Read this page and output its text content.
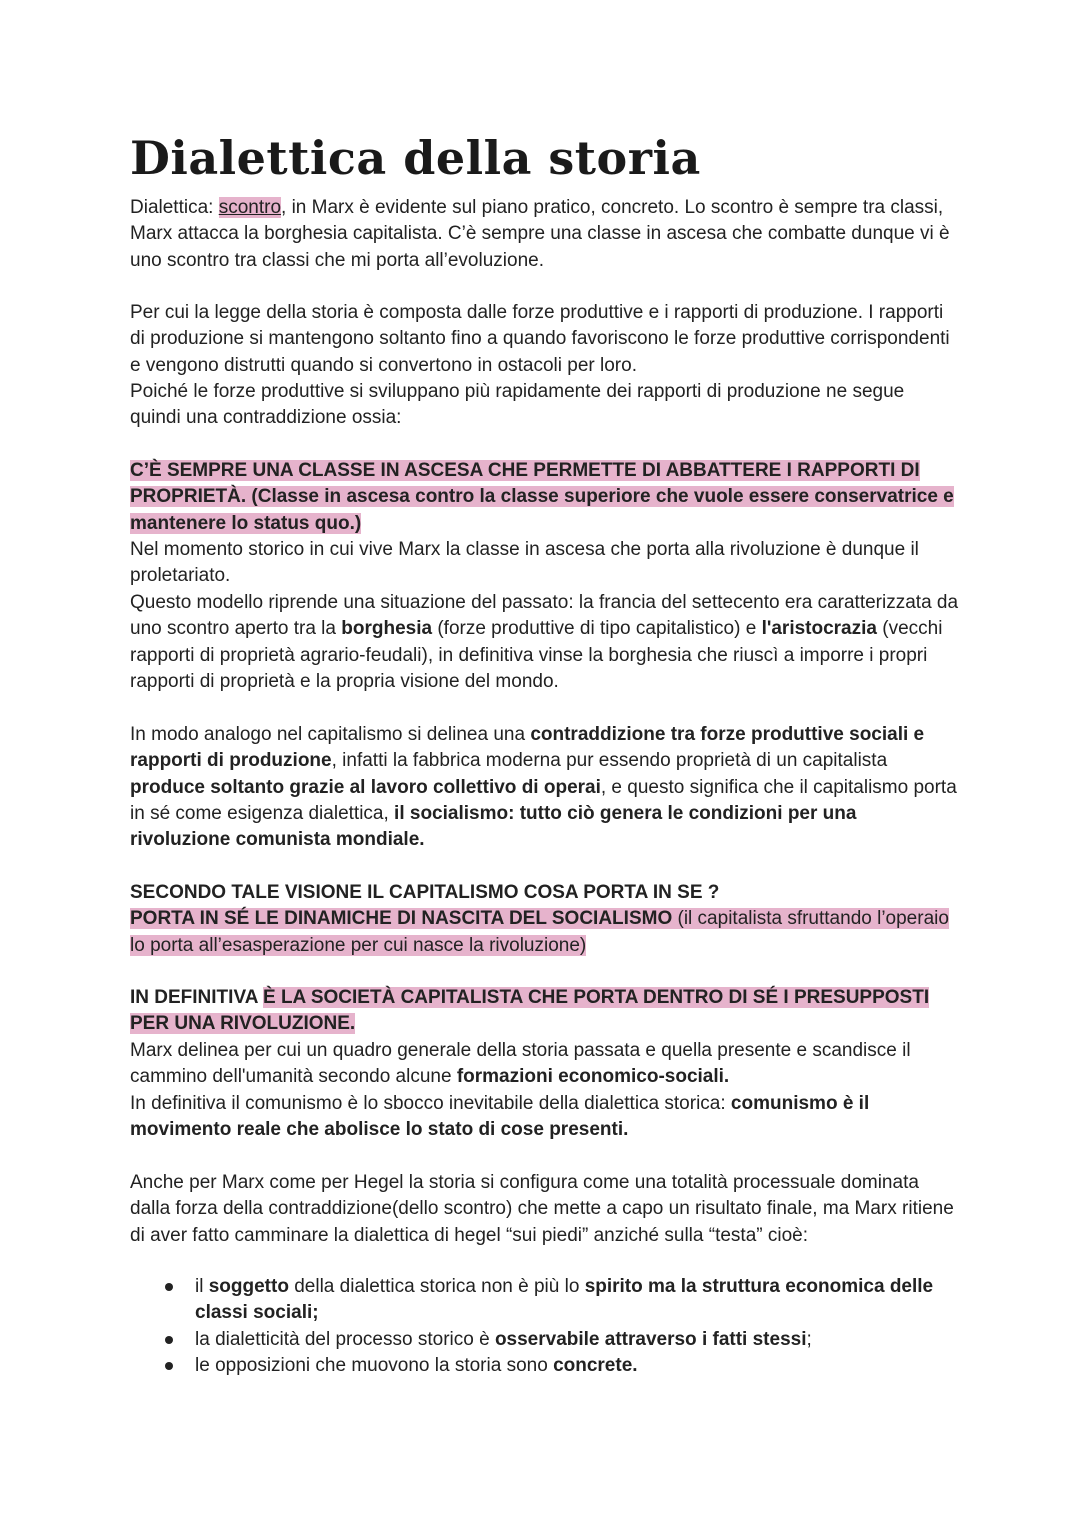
Dialettica della storia

Dialettica: scontro, in Marx è evidente sul piano pratico, concreto. Lo scontro è sempre tra classi, Marx attacca la borghesia capitalista. C’è sempre una classe in ascesa che combatte dunque vi è uno scontro tra classi che mi porta all’evoluzione.

Per cui la legge della storia è composta dalle forze produttive e i rapporti di produzione. I rapporti di produzione si mantengono soltanto fino a quando favoriscono le forze produttive corrispondenti e vengono distrutti quando si convertono in ostacoli per loro.

Poiché le forze produttive si sviluppano più rapidamente dei rapporti di produzione ne segue quindi una contraddizione ossia:

C’È SEMPRE UNA CLASSE IN ASCESA CHE PERMETTE DI ABBATTERE I RAPPORTI DI PROPRIETÀ. (Classe in ascesa contro la classe superiore che vuole essere conservatrice e mantenere lo status quo.)

Nel momento storico in cui vive Marx la classe in ascesa che porta alla rivoluzione è dunque il proletariato.

Questo modello riprende una situazione del passato: la francia del settecento era caratterizzata da uno scontro aperto tra la borghesia (forze produttive di tipo capitalistico) e l'aristocrazia (vecchi rapporti di proprietà agrario-feudali), in definitiva vinse la borghesia che riuscì a imporre i propri rapporti di proprietà e la propria visione del mondo.

In modo analogo nel capitalismo si delinea una contraddizione tra forze produttive sociali e rapporti di produzione, infatti la fabbrica moderna pur essendo proprietà di un capitalista produce soltanto grazie al lavoro collettivo di operai, e questo significa che il capitalismo porta in sé come esigenza dialettica, il socialismo: tutto ciò genera le condizioni per una rivoluzione comunista mondiale.

SECONDO TALE VISIONE IL CAPITALISMO COSA PORTA IN SE ?
PORTA IN SÉ LE DINAMICHE DI NASCITA DEL SOCIALISMO (il capitalista sfruttando l’operaio lo porta all’esasperazione per cui nasce la rivoluzione)

IN DEFINITIVA È LA SOCIETÀ CAPITALISTA CHE PORTA DENTRO DI SÉ I PRESUPPOSTI PER UNA RIVOLUZIONE.

Marx delinea per cui un quadro generale della storia passata e quella presente e scandisce il cammino dell'umanità secondo alcune formazioni economico-sociali.

In definitiva il comunismo è lo sbocco inevitabile della dialettica storica: comunismo è il movimento reale che abolisce lo stato di cose presenti.

Anche per Marx come per Hegel la storia si configura come una totalità processuale dominata dalla forza della contraddizione(dello scontro) che mette a capo un risultato finale, ma Marx ritiene di aver fatto camminare la dialettica di hegel “sui piedi” anziché sulla “testa” cioè:

il soggetto della dialettica storica non è più lo spirito ma la struttura economica delle classi sociali;
la dialetticità del processo storico è osservabile attraverso i fatti stessi;
le opposizioni che muovono la storia sono concrete.
